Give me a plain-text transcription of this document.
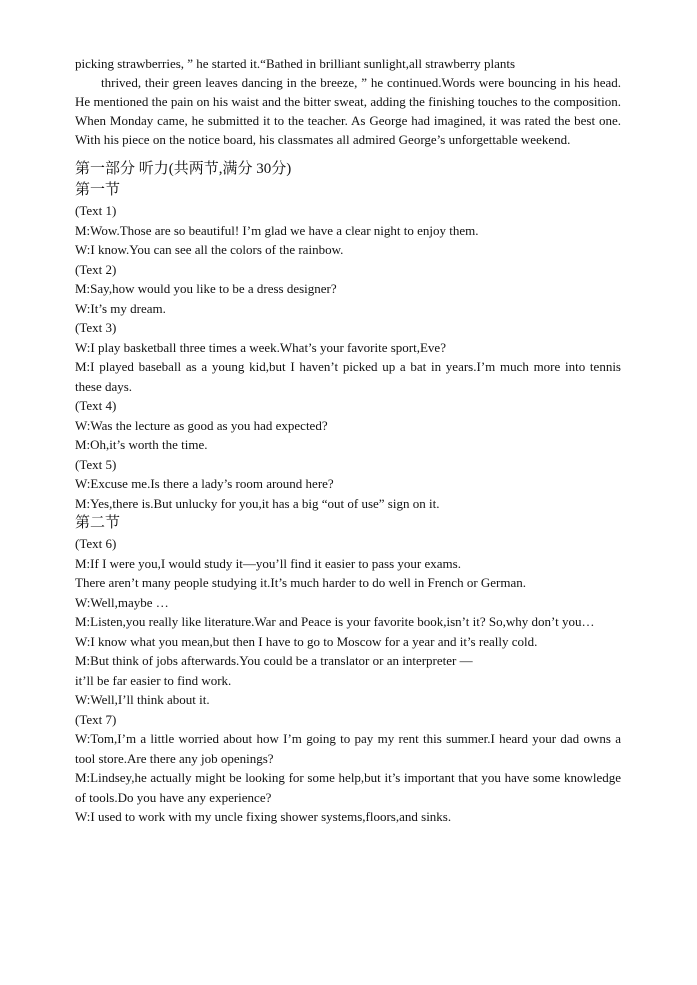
picking strawberries, ” he started it.“Bathed in brilliant sunlight,all strawberry plants

thrived, their green leaves dancing in the breeze, ” he continued.Words were bouncing in his head. He mentioned the pain on his waist and the bitter sweat, adding the finishing touches to the composition. When Monday came, he submitted it to the teacher. As George had imagined, it was rated the best one. With his piece on the notice board, his classmates all admired George’s unforgettable weekend.

第一部分 听力(共两节,满分 30分)

第一节

(Text 1)

M:Wow.Those are so beautiful! I’m glad we have a clear night to enjoy them.

W:I know.You can see all the colors of the rainbow.

(Text 2)

M:Say,how would you like to be a dress designer?

W:It’s my dream.

(Text 3)

W:I play basketball three times a week.What’s your favorite sport,Eve?

M:I played baseball as a young kid,but I haven’t picked up a bat in years.I’m much more into tennis these days.

(Text 4)

W:Was the lecture as good as you had expected?

M:Oh,it’s worth the time.

(Text 5)

W:Excuse me.Is there a lady’s room around here?

M:Yes,there is.But unlucky for you,it has a big “out of use” sign on it.

第二节

(Text 6)

M:If I were you,I would study it—you’ll find it easier to pass your exams.

There aren’t many people studying it.It’s much harder to do well in French or German.

W:Well,maybe …

M:Listen,you really like literature.War and Peace is your favorite book,isn’t it? So,why don’t you…

W:I know what you mean,but then I have to go to Moscow for a year and it’s really cold.

M:But think of jobs afterwards.You could be a translator or an interpreter —

it’ll be far easier to find work.

W:Well,I’ll think about it.

(Text 7)

W:Tom,I’m a little worried about how I’m going to pay my rent this summer.I heard your dad owns a tool store.Are there any job openings?

M:Lindsey,he actually might be looking for some help,but it’s important that you have some knowledge of tools.Do you have any experience?

W:I used to work with my uncle fixing shower systems,floors,and sinks.
